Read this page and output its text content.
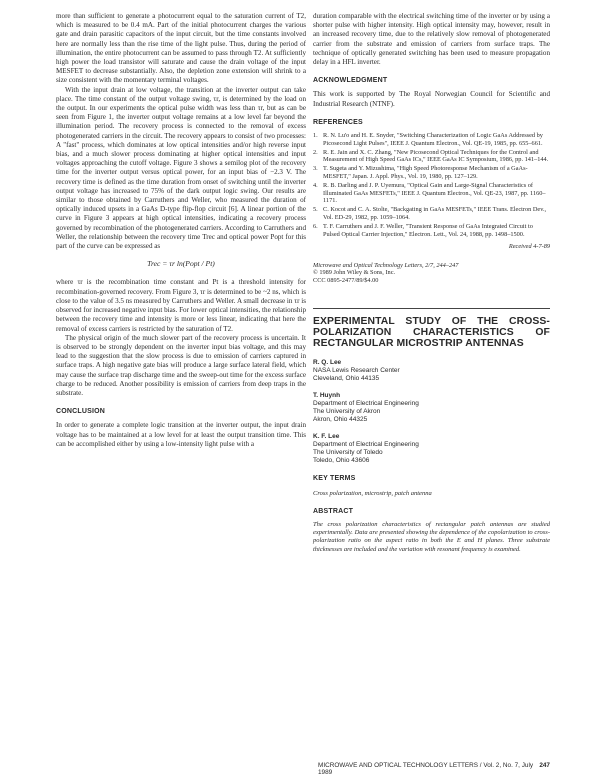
more than sufficient to generate a photocurrent equal to the saturation current of T2, which is measured to be 0.4 mA. Part of the initial photocurrent charges the various gate and drain parasitic capacitors of the input circuit, but the time constants involved here are normally less than the rise time of the light pulse. Thus, during the period of illumination, the entire photocurrent can be assumed to pass through T2. At sufficiently high power the load transistor will saturate and cause the drain voltage of the input MESFET to decrease substantially. Also, the depletion zone extension will shrink to a size consistent with the momentary terminal voltages.

With the input drain at low voltage, the transition at the inverter output can take place. The time constant of the output voltage swing, τr, is determined by the load on the output. In our experiments the optical pulse width was less than τr, but as can be seen from Figure 1, the inverter output voltage remains at a low level far beyond the illumination period. The recovery process is connected to the removal of excess photogenerated carriers in the circuit. The recovery appears to consist of two processes: A "fast" process, which dominates at low optical intensities and/or high reverse input bias, and a much slower process dominating at higher optical intensities and input voltages approaching the cutoff voltage. Figure 3 shows a semilog plot of the recovery time for the inverter output versus optical power, for an input bias of −2.3 V. The recovery time is defined as the time duration from onset of switching until the inverter output voltage has increased to 75% of the dark output logic swing. Our results are similar to those obtained by Carruthers and Weller, who measured the duration of optically induced upsets in a GaAs D-type flip-flop circuit [6]. A linear portion of the curve in Figure 3 appears at high optical intensities, indicating a recovery process governed by recombination of the photogenerated carriers. According to Carruthers and Weller, the relationship between the recovery time Trec and optical power Popt for this part of the curve can be expressed as

Trec = τr ln(Popt / Pt)

where τr is the recombination time constant and Pt is a threshold intensity for recombination-governed recovery. From Figure 3, τr is determined to be ~2 ns, which is close to the value of 3.5 ns measured by Carruthers and Weller. A small decrease in τr is observed for increased negative input bias. For lower optical intensities, the relationship between the recovery time and intensity is more or less linear, indicating that here the removal of excess carriers is restricted by the saturation of T2.

The physical origin of the much slower part of the recovery process is uncertain. It is observed to be strongly dependent on the inverter input bias voltage, and this may lead to the suggestion that the slow process is due to emission of carriers captured in surface traps. A high negative gate bias will produce a large surface lateral field, which may cause the surface trap discharge time and the sweep-out time for the excess surface charge to be reduced. Another possibility is emission of carriers from deep traps in the substrate.

CONCLUSION

In order to generate a complete logic transition at the inverter output, the input drain voltage has to be maintained at a low level for at least the output transition time. This can be accomplished either by using a low-intensity light pulse with a

duration comparable with the electrical switching time of the inverter or by using a shorter pulse with higher intensity. High optical intensity may, however, result in an increased recovery time, due to the relatively slow removal of photogenerated carrier from the substrate and emission of carriers from surface traps. The technique of optically generated switching has been used to measure propagation delay in a HFL inverter.

ACKNOWLEDGMENT

This work is supported by The Royal Norwegian Council for Scientific and Industrial Research (NTNF).

REFERENCES
1. R. N. Lu'o and H. E. Snyder, "Switching Characterization of Logic GaAs Addressed by Picosecond Light Pulses", IEEE J. Quantum Electron., Vol. QE-19, 1985, pp. 655–661.
2. R. E. Jain and X. C. Zhang, "New Picosecond Optical Techniques for the Control and Measurement of High Speed GaAs ICs," IEEE GaAs IC Symposium, 1986, pp. 141–144.
3. T. Sugeta and Y. Mizushima, "High Speed Photoresponse Mechanism of a GaAs-MESFET," Japan. J. Appl. Phys., Vol. 19, 1980, pp. 127–129.
4. R. B. Darling and J. P. Uyemura, "Optical Gain and Large-Signal Characteristics of Illuminated GaAs MESFETs," IEEE J. Quantum Electron., Vol. QE-23, 1987, pp. 1160–1171.
5. C. Kocot and C. A. Stolte, "Backgating in GaAs MESFETs," IEEE Trans. Electron Dev., Vol. ED-29, 1982, pp. 1059–1064.
6. T. F. Carruthers and J. F. Weller, "Transient Response of GaAs Integrated Circuit to Pulsed Optical Carrier Injection," Electron. Lett., Vol. 24, 1988, pp. 1498–1500.
Received 4-7-89
Microwave and Optical Technology Letters, 2/7, 244–247
© 1989 John Wiley & Sons, Inc.
CCC 0895-2477/89/$4.00
EXPERIMENTAL STUDY OF THE CROSS-POLARIZATION CHARACTERISTICS OF RECTANGULAR MICROSTRIP ANTENNAS
R. Q. Lee
NASA Lewis Research Center
Cleveland, Ohio 44135
T. Huynh
Department of Electrical Engineering
The University of Akron
Akron, Ohio 44325
K. F. Lee
Department of Electrical Engineering
The University of Toledo
Toledo, Ohio 43606
KEY TERMS
Cross polarization, microstrip, patch antenna
ABSTRACT
The cross polarization characteristics of rectangular patch antennas are studied experimentally. Data are presented showing the dependence of the copolarization to cross-polarization ratio on the aspect ratio in both the E and H planes. Three substrate thicknesses are included and the variation with resonant frequency is examined.
MICROWAVE AND OPTICAL TECHNOLOGY LETTERS / Vol. 2, No. 7, July 1989
247
